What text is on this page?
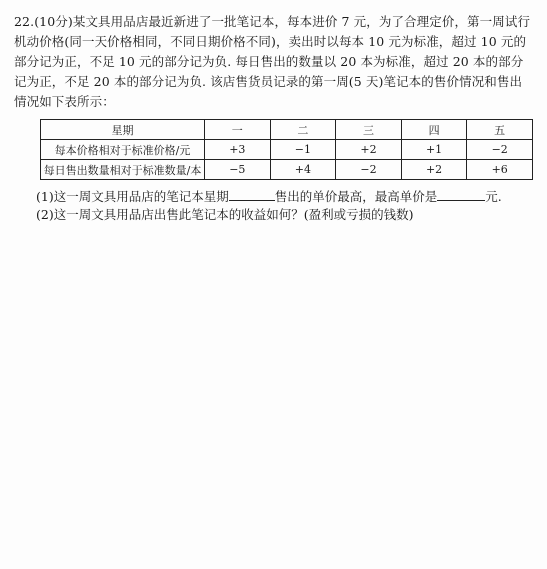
22.(10分)某文具用品店最近新进了一批笔记本，每本进价 7 元，为了合理定价，第一周试行机动价格(同一天价格相同，不同日期价格不同)，卖出时以每本 10 元为标准，超过 10 元的部分记为正，不足 10 元的部分记为负. 每日售出的数量以 20 本为标准，超过 20 本的部分记为正，不足 20 本的部分记为负. 该店售货员记录的第一周(5 天)笔记本的售价情况和售出情况如下表所示：

星期	一	二	三	四	五
每本价格相对于标准价格/元	+3	−1	+2	+1	−2
每日售出数量相对于标准数量/本	−5	+4	−2	+2	+6
(1)这一周文具用品店的笔记本星期	售出的单价最高，最高单价是	元.
(2)这一周文具用品店出售此笔记本的收益如何？(盈利或亏损的钱数)
